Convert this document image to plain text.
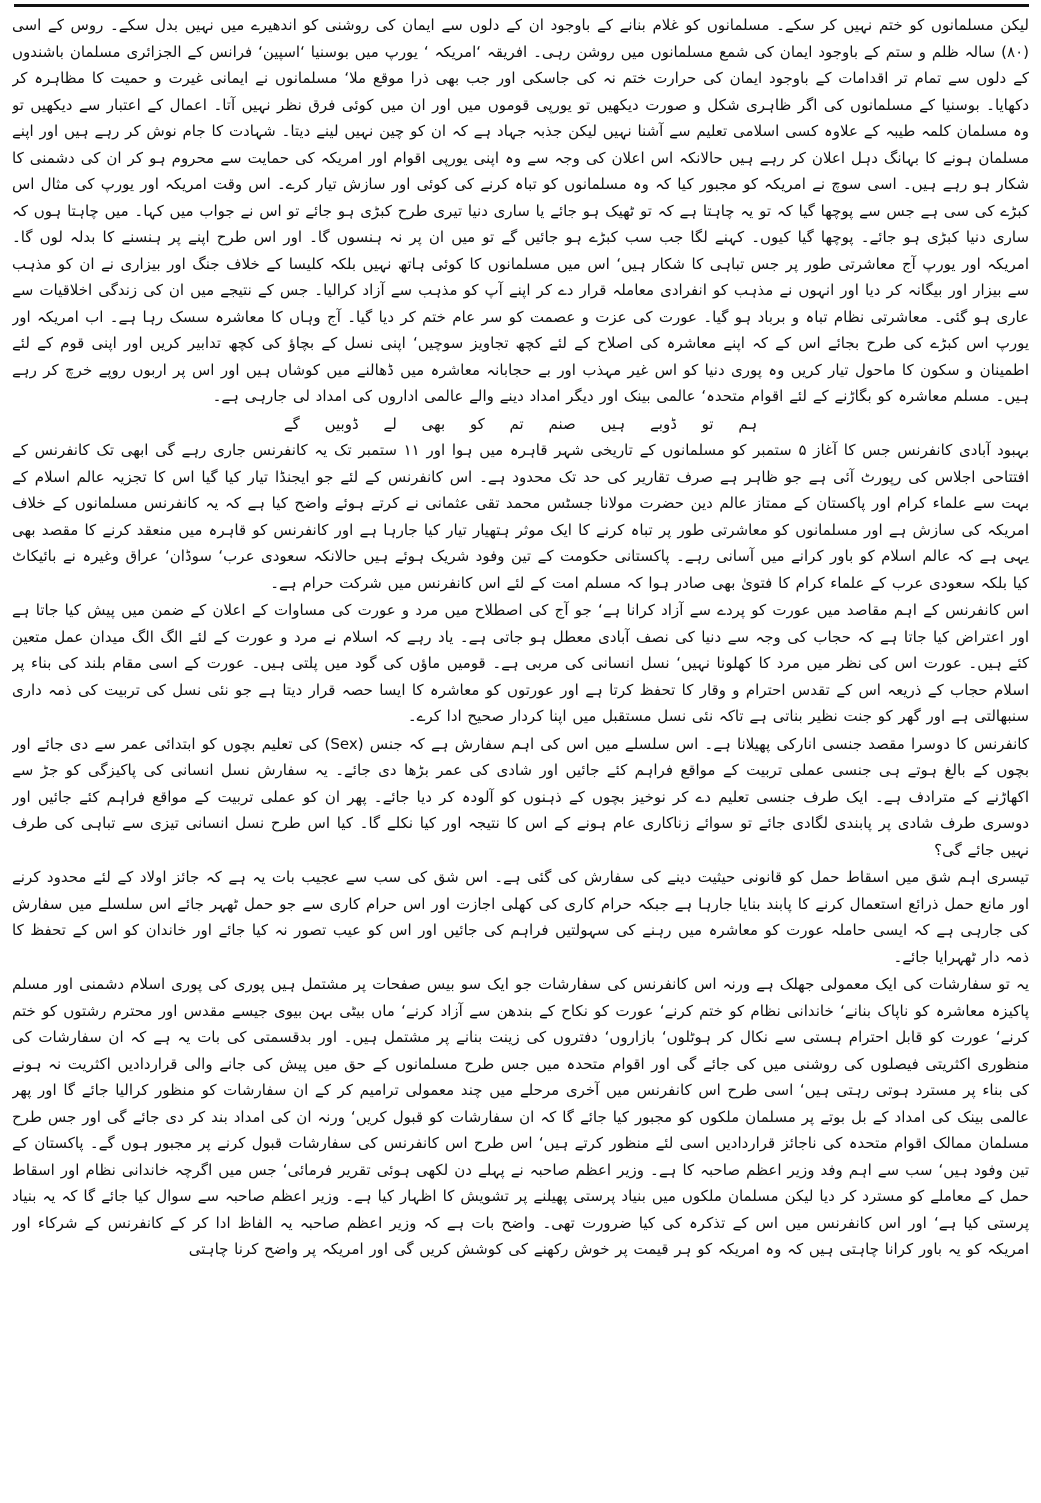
لیکن مسلمانوں کو ختم نہیں کر سکے۔ مسلمانوں کو غلام بنانے کے باوجود ان کے دلوں سے ایمان کی روشنی کو اندھیرے میں نہیں بدل سکے۔ روس کے اسی (۸۰) سالہ ظلم و ستم کے باوجود ایمان کی شمع مسلمانوں میں روشن رہی۔ افریقہ ‘امریکہ ‘ یورپ میں بوسنیا ‘اسپین‘ فرانس کے الجزائری مسلمان باشندوں کے دلوں سے تمام تر اقدامات کے باوجود ایمان کی حرارت ختم نہ کی جاسکی اور جب بھی ذرا موقع ملا‘ مسلمانوں نے ایمانی غیرت و حمیت کا مظاہرہ کر دکھایا۔ بوسنیا کے مسلمانوں کی اگر ظاہری شکل و صورت دیکھیں تو یورپی قوموں میں اور ان میں کوئی فرق نظر نہیں آتا۔ اعمال کے اعتبار سے دیکھیں تو وہ مسلمان کلمہ طیبہ کے علاوہ کسی اسلامی تعلیم سے آشنا نہیں لیکن جذبہ جہاد ہے کہ ان کو چین نہیں لینے دیتا۔ شہادت کا جام نوش کر رہے ہیں اور اپنے مسلمان ہونے کا بہانگ دہل اعلان کر رہے ہیں حالانکہ اس اعلان کی وجہ سے وہ اپنی یورپی اقوام اور امریکہ کی حمایت سے محروم ہو کر ان کی دشمنی کا شکار ہو رہے ہیں۔ اسی سوچ نے امریکہ کو مجبور کیا کہ وہ مسلمانوں کو تباہ کرنے کی کوئی اور سازش تیار کرے۔ اس وقت امریکہ اور یورپ کی مثال اس کبڑے کی سی ہے جس سے پوچھا گیا کہ تو یہ چاہتا ہے کہ تو ٹھیک ہو جائے یا ساری دنیا تیری طرح کبڑی ہو جائے تو اس نے جواب میں کہا۔ میں چاہتا ہوں کہ ساری دنیا کبڑی ہو جائے۔ پوچھا گیا کیوں۔ کہنے لگا جب سب کبڑے ہو جائیں گے تو میں ان پر نہ ہنسوں گا۔ اور اس طرح اپنے پر ہنسنے کا بدلہ لوں گا۔ امریکہ اور یورپ آج معاشرتی طور پر جس تباہی کا شکار ہیں‘ اس میں مسلمانوں کا کوئی ہاتھ نہیں بلکہ کلیسا کے خلاف جنگ اور بیزاری نے ان کو مذہب سے بیزار اور بیگانہ کر دیا اور انہوں نے مذہب کو انفرادی معاملہ قرار دے کر اپنے آپ کو مذہب سے آزاد کرالیا۔ جس کے نتیجے میں ان کی زندگی اخلاقیات سے عاری ہو گئی۔ معاشرتی نظام تباہ و برباد ہو گیا۔ عورت کی عزت و عصمت کو سر عام ختم کر دیا گیا۔ آج وہاں کا معاشرہ سسک رہا ہے۔ اب امریکہ اور یورپ اس کبڑے کی طرح بجائے اس کے کہ اپنے معاشرہ کی اصلاح کے لئے کچھ تجاویز سوچیں‘ اپنی نسل کے بچاؤ کی کچھ تدابیر کریں اور اپنی قوم کے لئے اطمینان و سکون کا ماحول تیار کریں وہ پوری دنیا کو اس غیر مہذب اور بے حجابانہ معاشرہ میں ڈھالنے میں کوشاں ہیں اور اس پر اربوں روپے خرچ کر رہے ہیں۔ مسلم معاشرہ کو بگاڑنے کے لئے اقوام متحدہ‘ عالمی بینک اور دیگر امداد دینے والے عالمی اداروں کی امداد لی جارہی ہے۔

ہم تو ڈوبے ہیں صنم تم کو بھی لے ڈوبیں گے

بہبود آبادی کانفرنس جس کا آغاز ۵ ستمبر کو مسلمانوں کے تاریخی شہر قاہرہ میں ہوا اور ۱۱ ستمبر تک یہ کانفرنس جاری رہے گی ابھی تک کانفرنس کے افتتاحی اجلاس کی رپورٹ آئی ہے جو ظاہر ہے صرف تقاریر کی حد تک محدود ہے۔ اس کانفرنس کے لئے جو ایجنڈا تیار کیا گیا اس کا تجزیہ عالم اسلام کے بہت سے علماء کرام اور پاکستان کے ممتاز عالم دین حضرت مولانا جسٹس محمد تقی عثمانی نے کرتے ہوئے واضح کیا ہے کہ یہ کانفرنس مسلمانوں کے خلاف امریکہ کی سازش ہے اور مسلمانوں کو معاشرتی طور پر تباہ کرنے کا ایک موثر ہتھیار تیار کیا جارہا ہے اور کانفرنس کو قاہرہ میں منعقد کرنے کا مقصد بھی یہی ہے کہ عالم اسلام کو باور کرانے میں آسانی رہے۔ پاکستانی حکومت کے تین وفود شریک ہوئے ہیں حالانکہ سعودی عرب‘ سوڈان‘ عراق وغیرہ نے بائیکاٹ کیا بلکہ سعودی عرب کے علماء کرام کا فتویٰ بھی صادر ہوا کہ مسلم امت کے لئے اس کانفرنس میں شرکت حرام ہے۔

اس کانفرنس کے اہم مقاصد میں عورت کو پردے سے آزاد کرانا ہے‘ جو آج کی اصطلاح میں مرد و عورت کی مساوات کے اعلان کے ضمن میں پیش کیا جاتا ہے اور اعتراض کیا جاتا ہے کہ حجاب کی وجہ سے دنیا کی نصف آبادی معطل ہو جاتی ہے۔ یاد رہے کہ اسلام نے مرد و عورت کے لئے الگ الگ میدان عمل متعین کئے ہیں۔ عورت اس کی نظر میں مرد کا کھلونا نہیں‘ نسل انسانی کی مربی ہے۔ قومیں ماؤں کی گود میں پلتی ہیں۔ عورت کے اسی مقام بلند کی بناء پر اسلام حجاب کے ذریعہ اس کے تقدس احترام و وقار کا تحفظ کرتا ہے اور عورتوں کو معاشرہ کا ایسا حصہ قرار دیتا ہے جو نئی نسل کی تربیت کی ذمہ داری سنبھالتی ہے اور گھر کو جنت نظیر بناتی ہے تاکہ نئی نسل مستقبل میں اپنا کردار صحیح ادا کرے۔

کانفرنس کا دوسرا مقصد جنسی انارکی پھیلانا ہے۔ اس سلسلے میں اس کی اہم سفارش ہے کہ جنس (Sex) کی تعلیم بچوں کو ابتدائی عمر سے دی جائے اور بچوں کے بالغ ہوتے ہی جنسی عملی تربیت کے مواقع فراہم کئے جائیں اور شادی کی عمر بڑھا دی جائے۔ یہ سفارش نسل انسانی کی پاکیزگی کو جڑ سے اکھاڑنے کے مترادف ہے۔ ایک طرف جنسی تعلیم دے کر نوخیز بچوں کے ذہنوں کو آلودہ کر دیا جائے۔ پھر ان کو عملی تربیت کے مواقع فراہم کئے جائیں اور دوسری طرف شادی پر پابندی لگادی جائے تو سوائے زناکاری عام ہونے کے اس کا نتیجہ اور کیا نکلے گا۔ کیا اس طرح نسل انسانی تیزی سے تباہی کی طرف نہیں جائے گی؟

تیسری اہم شق میں اسقاط حمل کو قانونی حیثیت دینے کی سفارش کی گئی ہے۔ اس شق کی سب سے عجیب بات یہ ہے کہ جائز اولاد کے لئے محدود کرنے اور مانع حمل ذرائع استعمال کرنے کا پابند بنایا جارہا ہے جبکہ حرام کاری کی کھلی اجازت اور اس حرام کاری سے جو حمل ٹھہر جائے اس سلسلے میں سفارش کی جارہی ہے کہ ایسی حاملہ عورت کو معاشرہ میں رہنے کی سہولتیں فراہم کی جائیں اور اس کو عیب تصور نہ کیا جائے اور خاندان کو اس کے تحفظ کا ذمہ دار ٹھہرایا جائے۔

یہ تو سفارشات کی ایک معمولی جھلک ہے ورنہ اس کانفرنس کی سفارشات جو ایک سو بیس صفحات پر مشتمل ہیں پوری کی پوری اسلام دشمنی اور مسلم پاکیزہ معاشرہ کو ناپاک بنانے‘ خاندانی نظام کو ختم کرنے‘ عورت کو نکاح کے بندھن سے آزاد کرنے‘ ماں بیٹی بہن بیوی جیسے مقدس اور محترم رشتوں کو ختم کرنے‘ عورت کو قابل احترام ہستی سے نکال کر ہوٹلوں‘ بازاروں‘ دفتروں کی زینت بنانے پر مشتمل ہیں۔ اور بدقسمتی کی بات یہ ہے کہ ان سفارشات کی منظوری اکثریتی فیصلوں کی روشنی میں کی جائے گی اور اقوام متحدہ میں جس طرح مسلمانوں کے حق میں پیش کی جانے والی قراردادیں اکثریت نہ ہونے کی بناء پر مسترد ہوتی رہتی ہیں‘ اسی طرح اس کانفرنس میں آخری مرحلے میں چند معمولی ترامیم کر کے ان سفارشات کو منظور کرالیا جائے گا اور پھر عالمی بینک کی امداد کے بل بوتے پر مسلمان ملکوں کو مجبور کیا جائے گا کہ ان سفارشات کو قبول کریں‘ ورنہ ان کی امداد بند کر دی جائے گی اور جس طرح مسلمان ممالک اقوام متحدہ کی ناجائز قراردادیں اسی لئے منظور کرتے ہیں‘ اس طرح اس کانفرنس کی سفارشات قبول کرنے پر مجبور ہوں گے۔ پاکستان کے تین وفود ہیں‘ سب سے اہم وفد وزیر اعظم صاحبہ کا ہے۔ وزیر اعظم صاحبہ نے پہلے دن لکھی ہوئی تقریر فرمائی‘ جس میں اگرچہ خاندانی نظام اور اسقاط حمل کے معاملے کو مسترد کر دیا لیکن مسلمان ملکوں میں بنیاد پرستی پھیلنے پر تشویش کا اظہار کیا ہے۔ وزیر اعظم صاحبہ سے سوال کیا جائے گا کہ یہ بنیاد پرستی کیا ہے‘ اور اس کانفرنس میں اس کے تذکرہ کی کیا ضرورت تھی۔ واضح بات ہے کہ وزیر اعظم صاحبہ یہ الفاظ ادا کر کے کانفرنس کے شرکاء اور امریکہ کو یہ باور کرانا چاہتی ہیں کہ وہ امریکہ کو ہر قیمت پر خوش رکھنے کی کوشش کریں گی اور امریکہ پر واضح کرنا چاہتی
